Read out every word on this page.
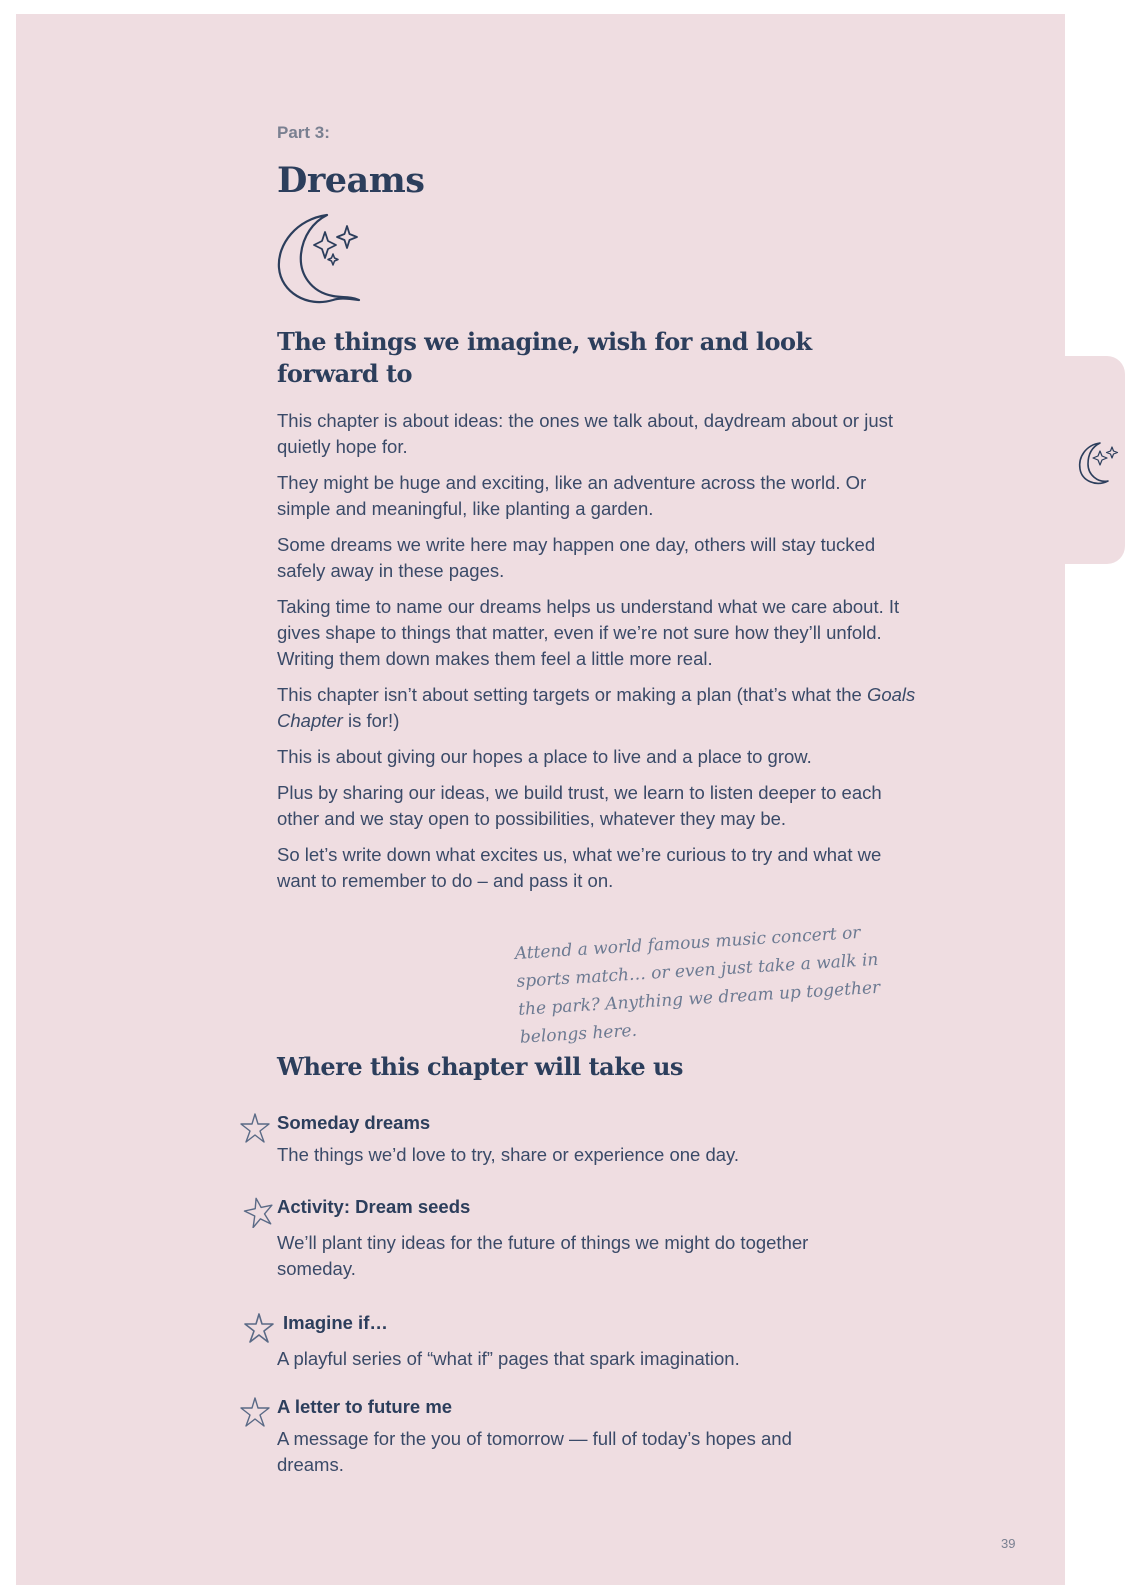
Part 3:
Dreams
The things we imagine, wish for and look forward to

This chapter is about ideas: the ones we talk about, daydream about or just quietly hope for.

They might be huge and exciting, like an adventure across the world. Or simple and meaningful, like planting a garden.

Some dreams we write here may happen one day, others will stay tucked safely away in these pages.

Taking time to name our dreams helps us understand what we care about. It gives shape to things that matter, even if we’re not sure how they’ll unfold. Writing them down makes them feel a little more real.

This chapter isn’t about setting targets or making a plan (that’s what the Goals Chapter is for!)

This is about giving our hopes a place to live and a place to grow.

Plus by sharing our ideas, we build trust, we learn to listen deeper to each other and we stay open to possibilities, whatever they may be.

So let’s write down what excites us, what we’re curious to try and what we want to remember to do – and pass it on.

Attend a world famous music concert or sports match… or even just take a walk in the park? Anything we dream up together belongs here.
Where this chapter will take us
Someday dreams
The things we’d love to try, share or experience one day.
Activity: Dream seeds
We’ll plant tiny ideas for the future of things we might do together someday.
Imagine if…
A playful series of “what if” pages that spark imagination.
A letter to future me
A message for the you of tomorrow — full of today’s hopes and dreams.
39
